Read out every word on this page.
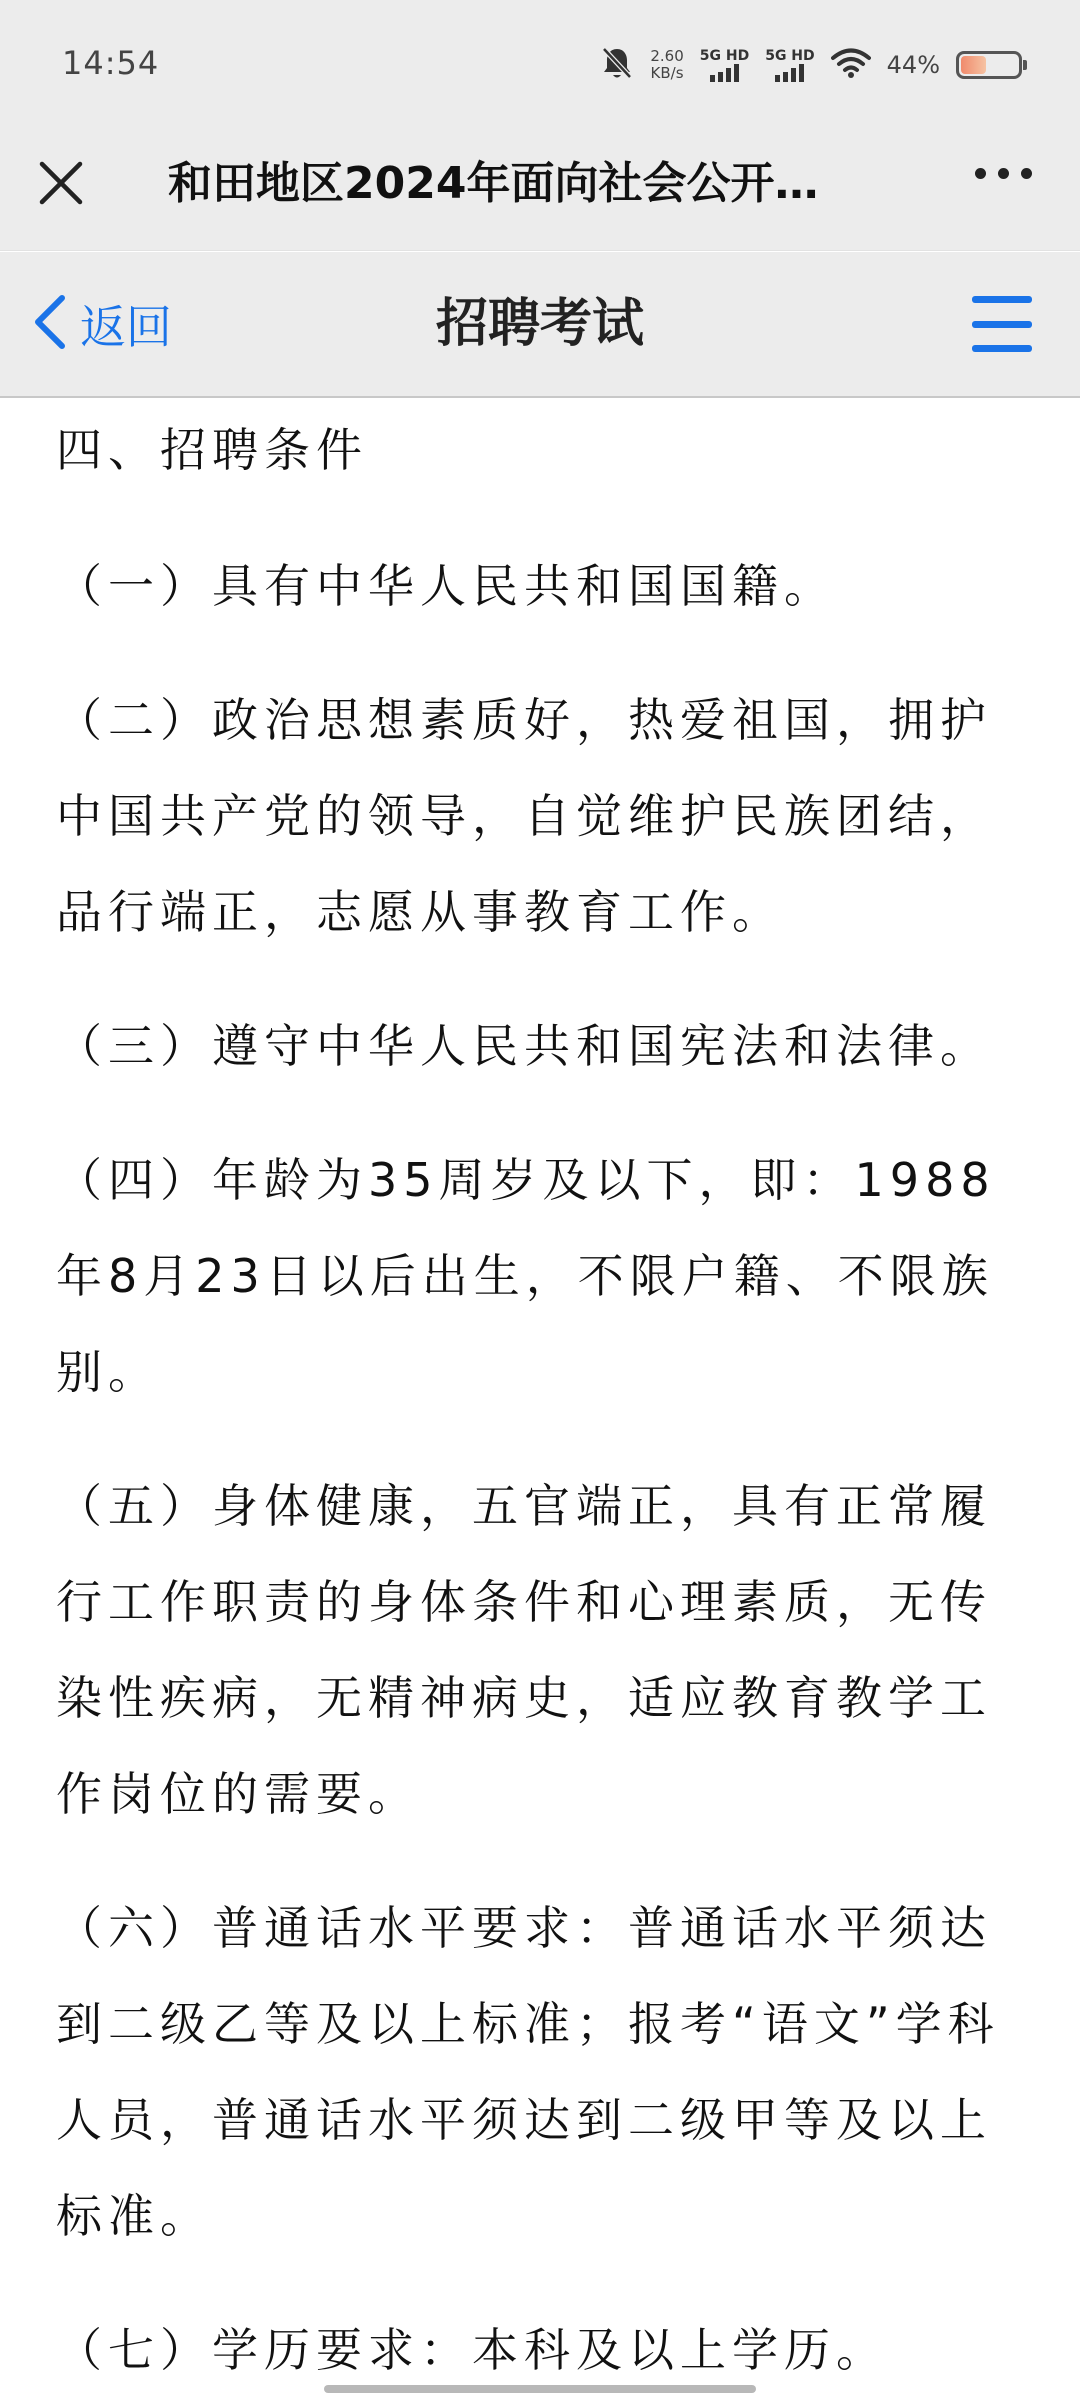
14:54	2.60
KB/s
5G HD 5G HD	44%
和田地区2024年面向社会公开…
返回	招聘考试
四、招聘条件

（一）具有中华人民共和国国籍。

（二）政治思想素质好，热爱祖国，拥护中国共产党的领导，自觉维护民族团结，品行端正，志愿从事教育工作。

（三）遵守中华人民共和国宪法和法律。

（四）年龄为35周岁及以下，即：1988年8月23日以后出生，不限户籍、不限族别。

（五）身体健康，五官端正，具有正常履行工作职责的身体条件和心理素质，无传染性疾病，无精神病史，适应教育教学工作岗位的需要。

（六）普通话水平要求：普通话水平须达到二级乙等及以上标准；报考“语文”学科人员，普通话水平须达到二级甲等及以上标准。

（七）学历要求：本科及以上学历。
